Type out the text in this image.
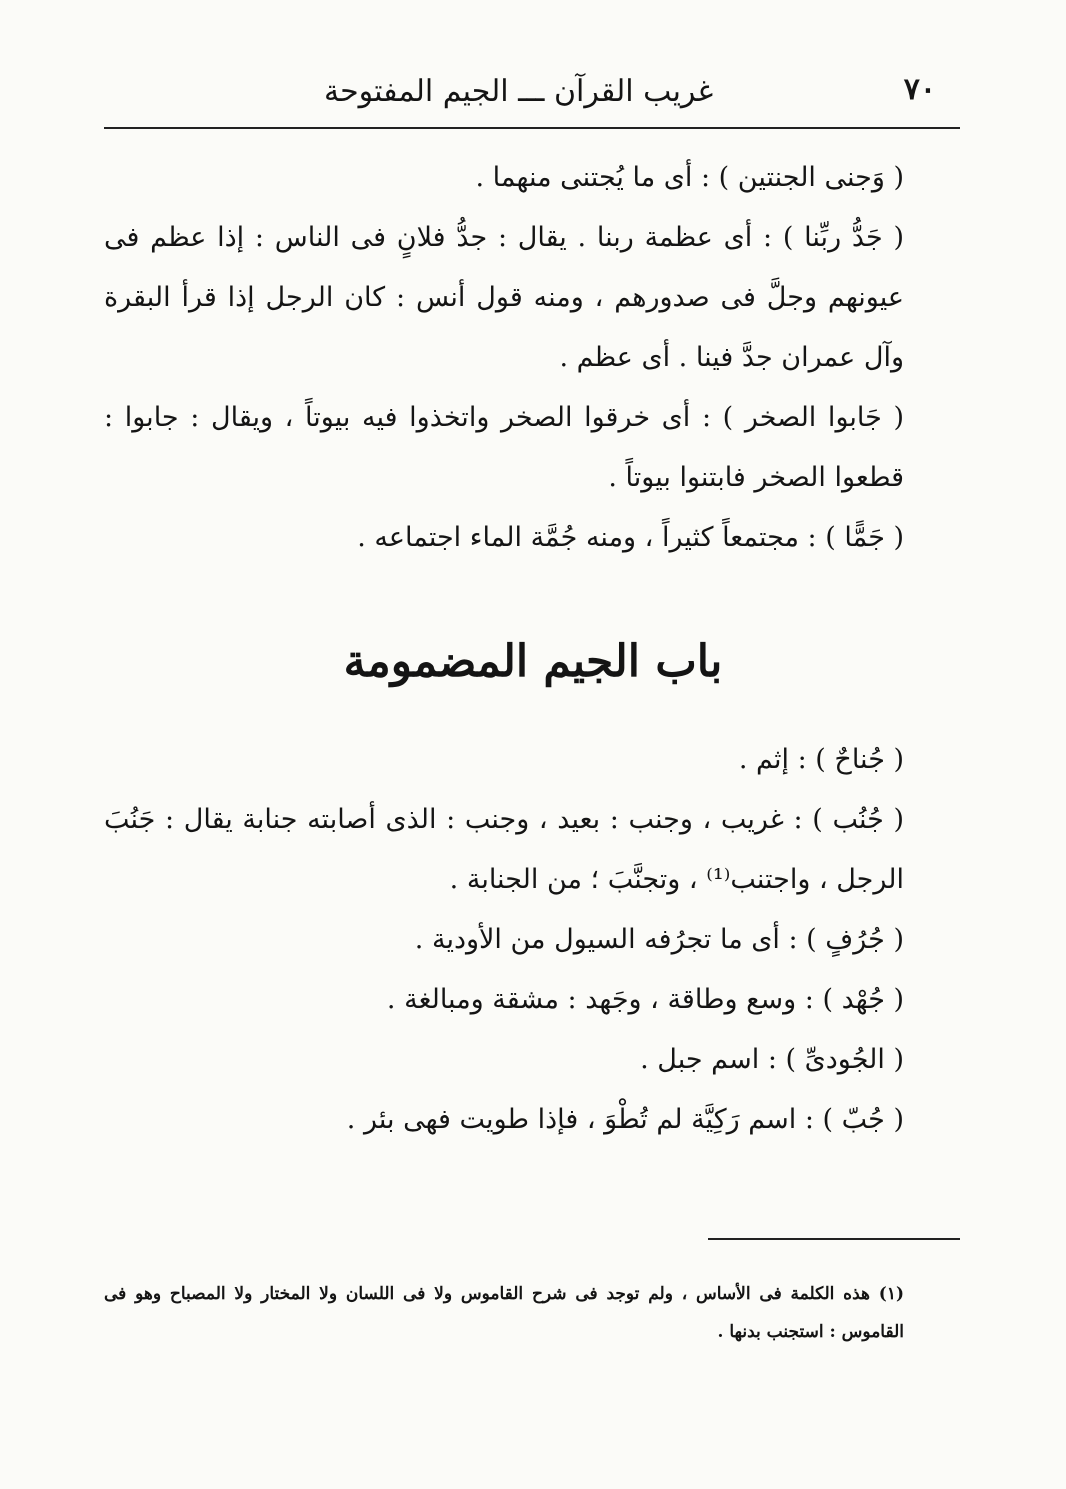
٧٠
غريب القرآن ـــ الجيم المفتوحة

( وَجنى الجنتين ) : أى ما يُجتنى منهما .

( جَدُّ ربِّنا ) : أى عظمة ربنا . يقال : جدُّ فلانٍ فى الناس : إذا عظم فى عيونهم وجلَّ فى صدورهم ، ومنه قول أنس : كان الرجل إذا قرأ البقرة وآل عمران جدَّ فينا . أى عظم .

( جَابوا الصخر ) : أى خرقوا الصخر واتخذوا فيه بيوتاً ، ويقال : جابوا : قطعوا الصخر فابتنوا بيوتاً .

( جَمًّا ) : مجتمعاً كثيراً ، ومنه جُمَّة الماء اجتماعه .

باب الجيم المضمومة

( جُناحٌ ) : إثم .

( جُنُب ) : غريب ، وجنب : بعيد ، وجنب : الذى أصابته جنابة يقال : جَنُبَ الرجل ، واجتنب⁽¹⁾ ، وتجنَّبَ ؛ من الجنابة .

( جُرُفٍ ) : أى ما تجرُفه السيول من الأودية .

( جُهْد ) : وسع وطاقة ، وجَهد : مشقة ومبالغة .

( الجُودىِّ ) : اسم جبل .

( جُبّ ) : اسم رَكِيَّة لم تُطْوَ ، فإذا طويت فهى بئر .

(١) هذه الكلمة فى الأساس ، ولم توجد فى شرح القاموس ولا فى اللسان ولا المختار ولا المصباح وهو فى القاموس : استجنب بدنها .
